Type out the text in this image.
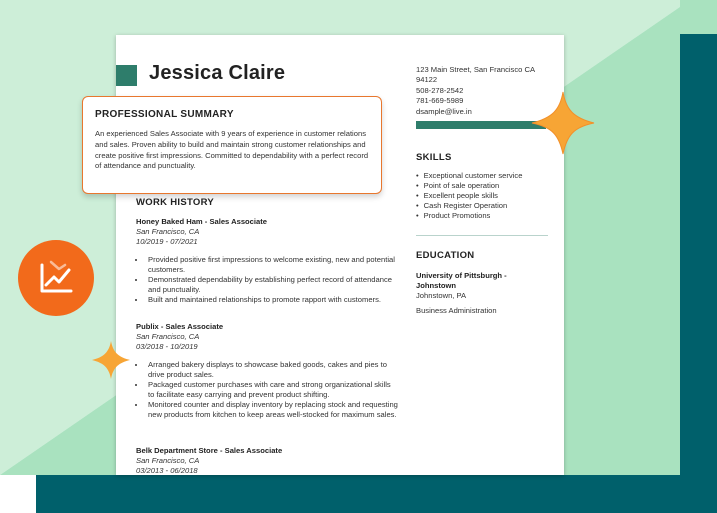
Jessica Claire	123 Main Street, San Francisco CA
94122
508-278-2542
781-669-5989
dsample@live.in
SKILLS
• Exceptional customer service
• Point of sale operation
• Excellent people skills
• Cash Register Operation
• Product Promotions
EDUCATION
University of Pittsburgh - Johnstown
Johnstown, PA
Business Administration
WORK HISTORY
Honey Baked Ham - Sales Associate
San Francisco, CA
10/2019 - 07/2021
• Provided positive first impressions to welcome existing, new and potential customers.
• Demonstrated dependability by establishing perfect record of attendance and punctuality.
• Built and maintained relationships to promote rapport with customers.
Publix - Sales Associate
San Francisco, CA
03/2018 - 10/2019
• Arranged bakery displays to showcase baked goods, cakes and pies to drive product sales.
• Packaged customer purchases with care and strong organizational skills to facilitate easy carrying and prevent product shifting.
• Monitored counter and display inventory by replacing stock and requesting new products from kitchen to keep areas well-stocked for maximum sales.
Belk Department Store - Sales Associate
San Francisco, CA
03/2013 - 06/2018
PROFESSIONAL SUMMARY

An experienced Sales Associate with 9 years of experience in customer relations and sales. Proven ability to build and maintain strong customer relationships and create positive first impressions. Committed to dependability with a perfect record of attendance and punctuality.
